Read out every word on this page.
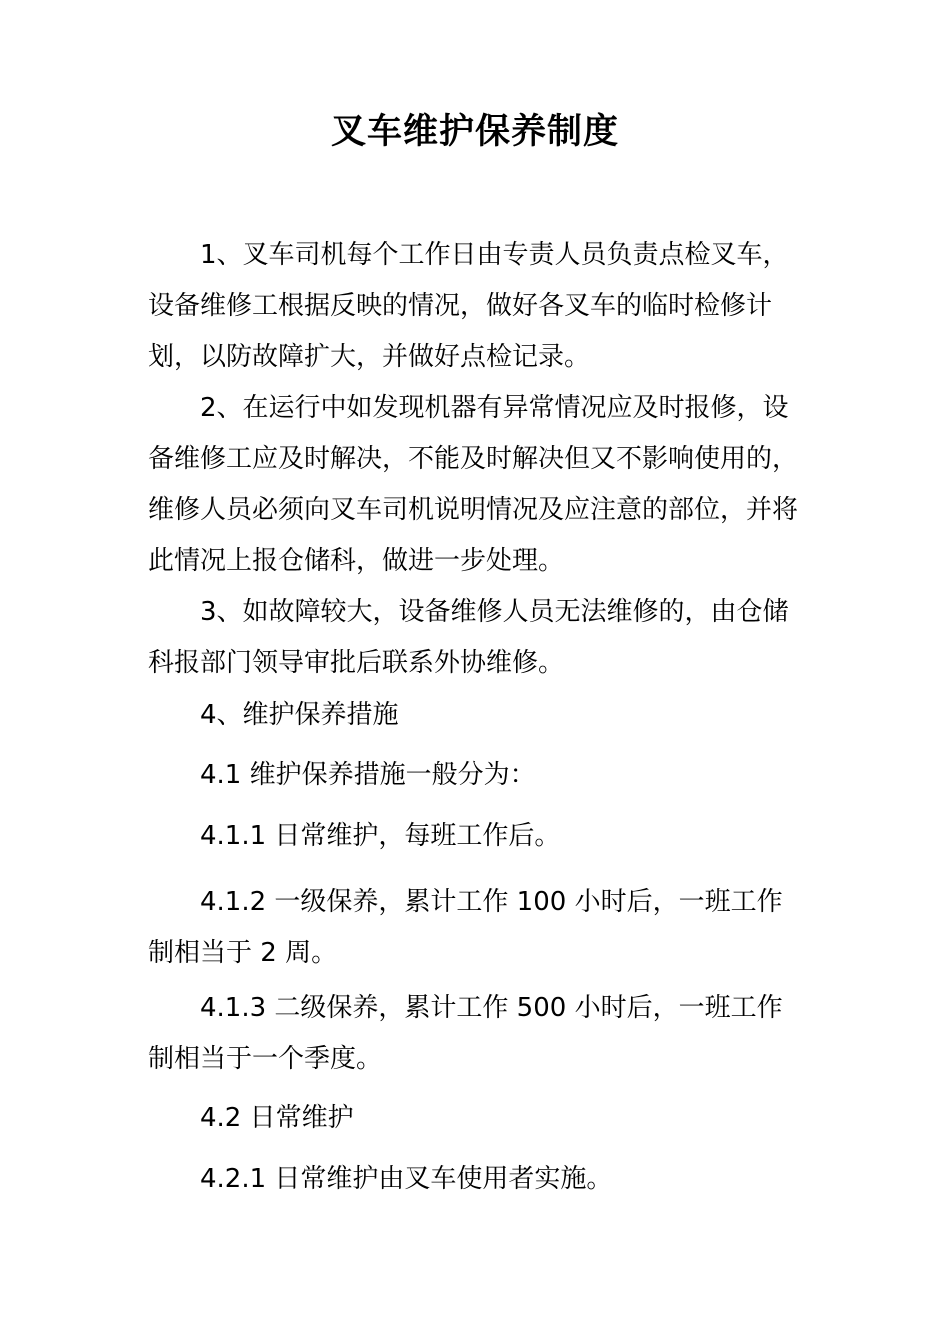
叉车维护保养制度
1、叉车司机每个工作日由专责人员负责点检叉车，设备维修工根据反映的情况，做好各叉车的临时检修计划，以防故障扩大，并做好点检记录。
2、在运行中如发现机器有异常情况应及时报修，设备维修工应及时解决，不能及时解决但又不影响使用的，维修人员必须向叉车司机说明情况及应注意的部位，并将此情况上报仓储科，做进一步处理。
3、如故障较大，设备维修人员无法维修的，由仓储科报部门领导审批后联系外协维修。
4、维护保养措施
4.1 维护保养措施一般分为：
4.1.1 日常维护，每班工作后。
4.1.2 一级保养，累计工作 100 小时后，一班工作制相当于 2 周。
4.1.3 二级保养，累计工作 500 小时后，一班工作制相当于一个季度。
4.2 日常维护
4.2.1 日常维护由叉车使用者实施。
